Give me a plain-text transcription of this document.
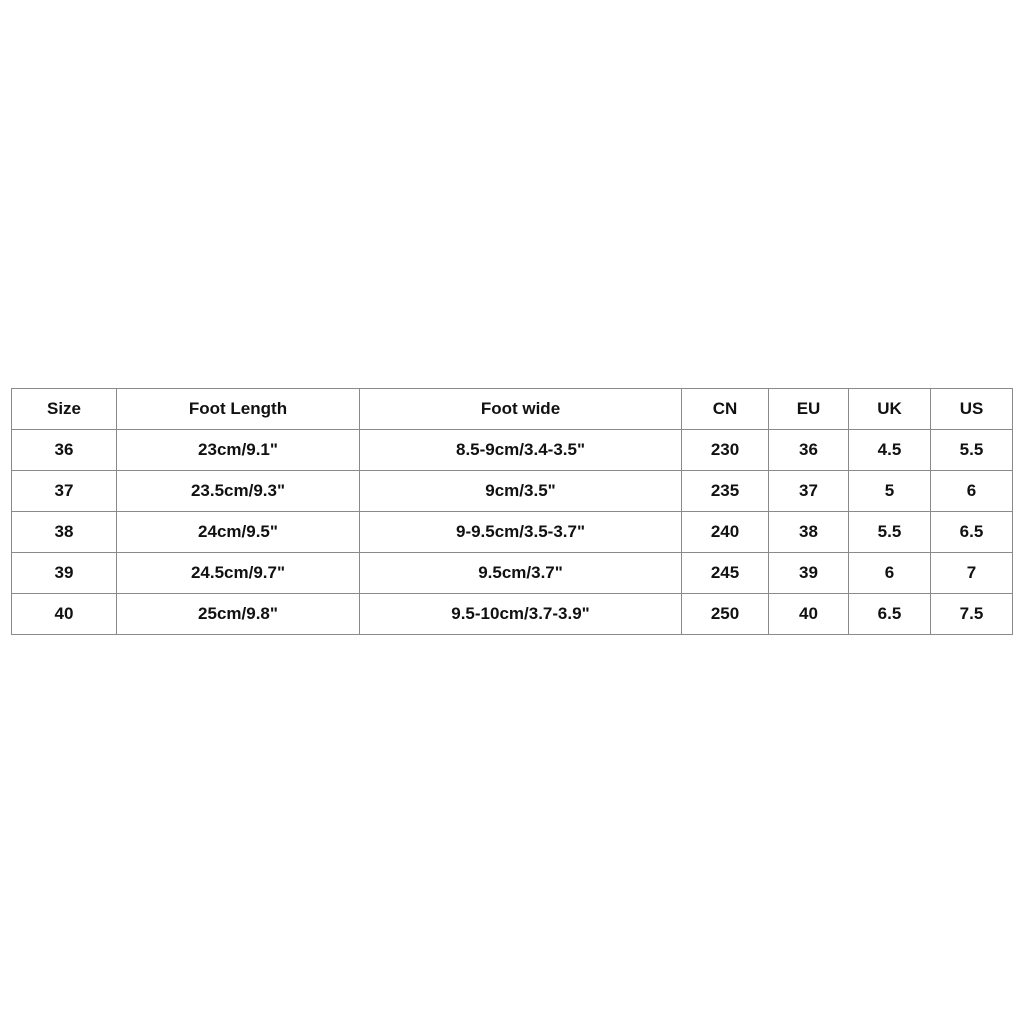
Size	Foot Length	Foot wide	CN	EU	UK	US
36	23cm/9.1"	8.5-9cm/3.4-3.5"	230	36	4.5	5.5
37	23.5cm/9.3"	9cm/3.5"	235	37	5	6
38	24cm/9.5"	9-9.5cm/3.5-3.7"	240	38	5.5	6.5
39	24.5cm/9.7"	9.5cm/3.7"	245	39	6	7
40	25cm/9.8"	9.5-10cm/3.7-3.9"	250	40	6.5	7.5
